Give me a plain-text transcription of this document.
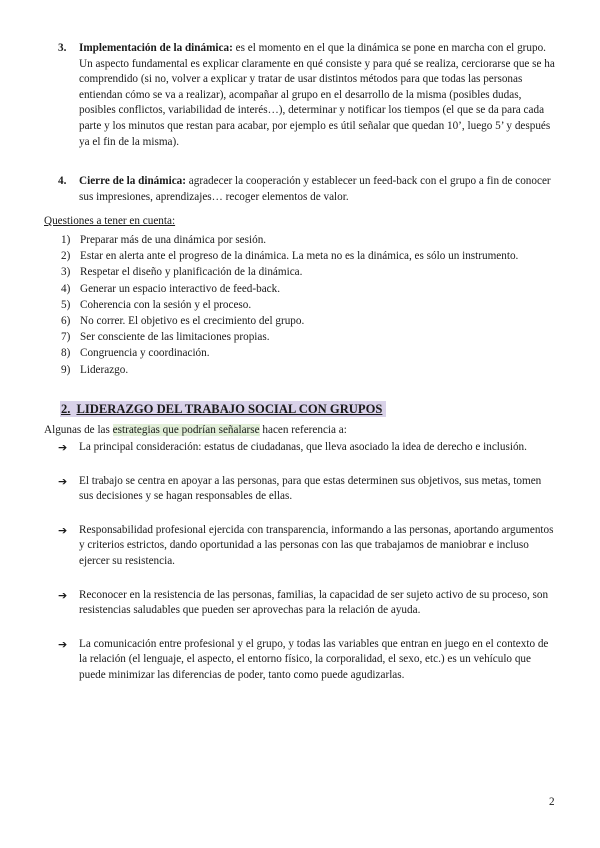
3. Implementación de la dinámica: es el momento en el que la dinámica se pone en marcha con el grupo. Un aspecto fundamental es explicar claramente en qué consiste y para qué se realiza, cerciorarse que se ha comprendido (si no, volver a explicar y tratar de usar distintos métodos para que todas las personas entiendan cómo se va a realizar), acompañar al grupo en el desarrollo de la misma (posibles dudas, posibles conflictos, variabilidad de interés…), determinar y notificar los tiempos (el que se da para cada parte y los minutos que restan para acabar, por ejemplo es útil señalar que quedan 10’, luego 5’ y después ya el fin de la misma).
4. Cierre de la dinámica: agradecer la cooperación y establecer un feed-back con el grupo a fin de conocer sus impresiones, aprendizajes… recoger elementos de valor.
Questiones a tener en cuenta:
1) Preparar más de una dinámica por sesión.
2) Estar en alerta ante el progreso de la dinámica. La meta no es la dinámica, es sólo un instrumento.
3) Respetar el diseño y planificación de la dinámica.
4) Generar un espacio interactivo de feed-back.
5) Coherencia con la sesión y el proceso.
6) No correr. El objetivo es el crecimiento del grupo.
7) Ser consciente de las limitaciones propias.
8) Congruencia y coordinación.
9) Liderazgo.
2. LIDERAZGO DEL TRABAJO SOCIAL CON GRUPOS
Algunas de las estrategias que podrían señalarse hacen referencia a:
➔ La principal consideración: estatus de ciudadanas, que lleva asociado la idea de derecho e inclusión.
➔ El trabajo se centra en apoyar a las personas, para que estas determinen sus objetivos, sus metas, tomen sus decisiones y se hagan responsables de ellas.
➔ Responsabilidad profesional ejercida con transparencia, informando a las personas, aportando argumentos y criterios estrictos, dando oportunidad a las personas con las que trabajamos de maniobrar e incluso ejercer su resistencia.
➔ Reconocer en la resistencia de las personas, familias, la capacidad de ser sujeto activo de su proceso, son resistencias saludables que pueden ser aprovechas para la relación de ayuda.
➔ La comunicación entre profesional y el grupo, y todas las variables que entran en juego en el contexto de la relación (el lenguaje, el aspecto, el entorno físico, la corporalidad, el sexo, etc.) es un vehículo que puede minimizar las diferencias de poder, tanto como puede agudizarlas.
2
